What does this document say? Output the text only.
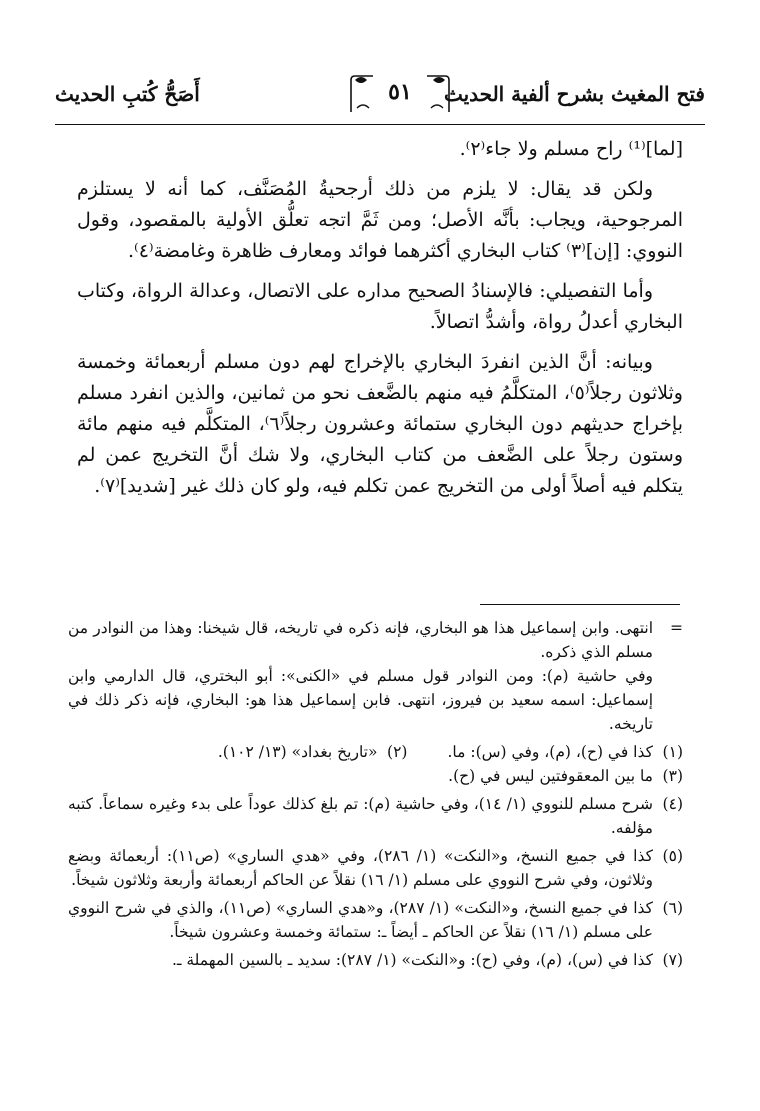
فتح المغيث بشرح ألفية الحديث
٥١
أَصَحُّ كُتبِ الحديث

[لما]⁽¹⁾ راح مسلم ولا جاء⁽٢⁾.

ولكن قد يقال: لا يلزم من ذلك أرجحيةُ المُصَنَّف، كما أنه لا يستلزم المرجوحية، ويجاب: بأنَّه الأصل؛ ومن ثَمَّ اتجه تعلُّق الأولية بالمقصود، وقول النووي: [إن]⁽٣⁾ كتاب البخاري أكثرهما فوائد ومعارف ظاهرة وغامضة⁽٤⁾.

وأما التفصيلي: فالإسنادُ الصحيح مداره على الاتصال، وعدالة الرواة، وكتاب البخاري أعدلُ رواة، وأشدُّ اتصالاً.

وبيانه: أنَّ الذين انفردَ البخاري بالإخراج لهم دون مسلم أربعمائة وخمسة وثلاثون رجلاً⁽٥⁾، المتكلَّمُ فيه منهم بالضَّعف نحو من ثمانين، والذين انفرد مسلم بإخراج حديثهم دون البخاري ستمائة وعشرون رجلاً⁽٦⁾، المتكلَّم فيه منهم مائة وستون رجلاً على الضَّعف من كتاب البخاري، ولا شك أنَّ التخريج عمن لم يتكلم فيه أصلاً أولى من التخريج عمن تكلم فيه، ولو كان ذلك غير [شديد]⁽٧⁾.

=

انتهى. وابن إسماعيل هذا هو البخاري، فإنه ذكره في تاريخه، قال شيخنا: وهذا من النوادر من مسلم الذي ذكره.

وفي حاشية (م): ومن النوادر قول مسلم في «الكنى»: أبو البختري، قال الدارمي وابن إسماعيل: اسمه سعيد بن فيروز، انتهى. فابن إسماعيل هذا هو: البخاري، فإنه ذكر ذلك في تاريخه.

(١)
كذا في (ح)، (م)، وفي (س): ما.
(٢)
«تاريخ بغداد» (١٣/ ١٠٢).
(٣)
ما بين المعقوفتين ليس في (ح).
(٤)
شرح مسلم للنووي (١/ ١٤)، وفي حاشية (م): تم بلغ كذلك عوداً على بدء وغيره سماعاً. كتبه مؤلفه.
(٥)
كذا في جميع النسخ، و«النكت» (١/ ٢٨٦)، وفي «هدي الساري» (ص١١): أربعمائة وبضع وثلاثون، وفي شرح النووي على مسلم (١/ ١٦) نقلاً عن الحاكم أربعمائة وأربعة وثلاثون شيخاً.
(٦)
كذا في جميع النسخ، و«النكت» (١/ ٢٨٧)، و«هدي الساري» (ص١١)، والذي في شرح النووي على مسلم (١/ ١٦) نقلاً عن الحاكم ـ أيضاً ـ: ستمائة وخمسة وعشرون شيخاً.
(٧)
كذا في (س)، (م)، وفي (ح): و«النكت» (١/ ٢٨٧): سديد ـ بالسين المهملة ـ.
